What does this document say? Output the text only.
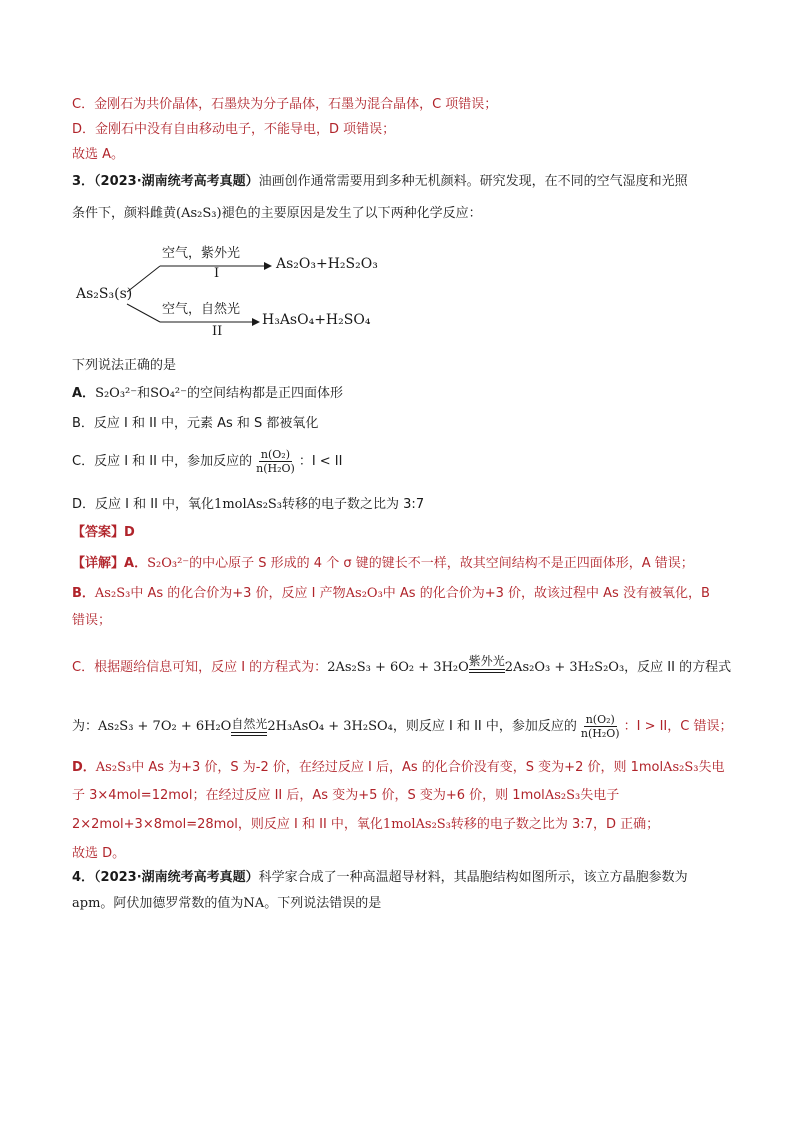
C．金刚石为共价晶体，石墨炔为分子晶体，石墨为混合晶体，C 项错误；
D．金刚石中没有自由移动电子，不能导电，D 项错误；
故选 A。
3．（2023·湖南统考高考真题）油画创作通常需要用到多种无机颜料。研究发现，在不同的空气湿度和光照
条件下，颜料雌黄(As₂S₃)褪色的主要原因是发生了以下两种化学反应：
As₂S₃(s)
空气，紫外光
I
As₂O₃+H₂S₂O₃
空气，自然光
II
H₃AsO₄+H₂SO₄
下列说法正确的是
A．S₂O₃²⁻和SO₄²⁻的空间结构都是正四面体形
B．反应 I 和 II 中，元素 As 和 S 都被氧化
C．反应 I 和 II 中，参加反应的 $\frac{\text{n(O₂)}}{\text{n(H₂O)}}$ ：I < II
D．反应 I 和 II 中，氧化1molAs₂S₃转移的电子数之比为 3:7
【答案】D
【详解】A．S₂O₃²⁻的中心原子 S 形成的 4 个 σ 键的键长不一样，故其空间结构不是正四面体形，A 错误；
B．As₂S₃中 As 的化合价为+3 价，反应 I 产物As₂O₃中 As 的化合价为+3 价，故该过程中 As 没有被氧化，B
错误；
C．根据题给信息可知，反应 I 的方程式为：2As₂S₃ + 6O₂ + 3H₂O 紫外光 2As₂O₃ + 3H₂S₂O₃，反应 II 的方程式
为：As₂S₃ + 7O₂ + 6H₂O 自然光 2H₃AsO₄ + 3H₂SO₄，则反应 I 和 II 中，参加反应的 $\frac{\text{n(O₂)}}{\text{n(H₂O)}}$ ：I > II，C 错误；
D．As₂S₃中 As 为+3 价，S 为-2 价，在经过反应 I 后，As 的化合价没有变，S 变为+2 价，则 1molAs₂S₃失电
子 3×4mol=12mol；在经过反应 II 后，As 变为+5 价，S 变为+6 价，则 1molAs₂S₃失电子
2×2mol+3×8mol=28mol，则反应 I 和 II 中，氧化1molAs₂S₃转移的电子数之比为 3:7，D 正确；
故选 D。
4．（2023·湖南统考高考真题）科学家合成了一种高温超导材料，其晶胞结构如图所示，该立方晶胞参数为
apm。阿伏加德罗常数的值为NA。下列说法错误的是
